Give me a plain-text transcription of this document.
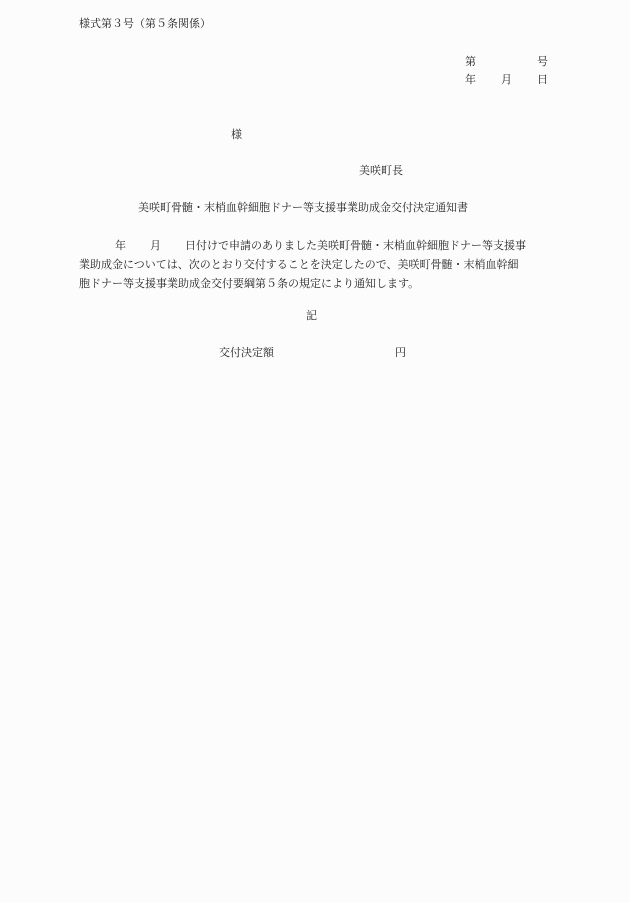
様式第３号（第５条関係）
第	号
年 月 日
様
美咲町長
美咲町骨髄・末梢血幹細胞ドナー等支援事業助成金交付決定通知書
年 月 日付けで申請のありました美咲町骨髄・末梢血幹細胞ドナー等支援事
業助成金については、次のとおり交付することを決定したので、美咲町骨髄・末梢血幹細
胞ドナー等支援事業助成金交付要綱第５条の規定により通知します。
記
交付決定額	円
